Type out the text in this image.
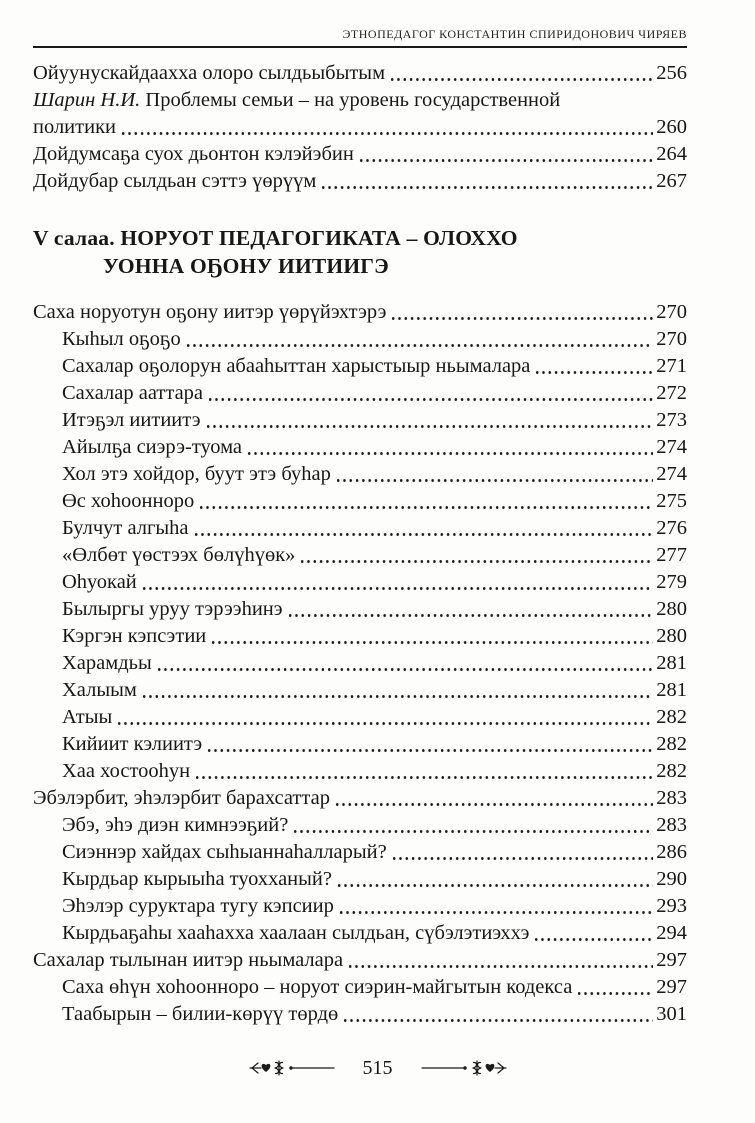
ЭТНОПЕДАГОГ КОНСТАНТИН СПИРИДОНОВИЧ ЧИРЯЕВ
Ойуунускайдаахха олоро сылдьыбытым	256
Шарин Н.И. Проблемы семьи – на уровень государственной
политики	260
Дойдумсаҕа суох дьонтон кэлэйэбин	264
Дойдубар сылдьан сэттэ үөрүүм	267
V салаа. НОРУОТ ПЕДАГОГИКАТА – ОЛОХХО
УОННА ОҔОНУ ИИТИИГЭ
Саха норуотун оҕону иитэр үөрүйэхтэрэ	270
Кыһыл оҕоҕо	270
Сахалар оҕолорун абааһыттан харыстыыр ньымалара	271
Сахалар ааттара	272
Итэҕэл иитиитэ	273
Айылҕа сиэрэ-туома	274
Хол этэ хойдор, буут этэ буһар	274
Өс хоһоонноро	275
Булчут алгыһа	276
«Өлбөт үөстээх бөлүһүөк»	277
Оһуокай	279
Былыргы уруу тэрээһинэ	280
Кэргэн кэпсэтии	280
Харамдьы	281
Халыым	281
Атыы	282
Кийиит кэлиитэ	282
Хаа хостооһун	282
Эбэлэрбит, эһэлэрбит барахсаттар	283
Эбэ, эһэ диэн кимнээҕий?	283
Сиэннэр хайдах сыһыаннаһалларый?	286
Кырдьар кырыыһа туохханый?	290
Эһэлэр суруктара тугу кэпсиир	293
Кырдьаҕаһы хааһахха хаалаан сылдьан, сүбэлэтиэххэ	294
Сахалар тылынан иитэр ньымалара	297
Саха өһүн хоһоонноро – норуот сиэрин-майгытын кодекса	297
Таабырын – билии-көрүү төрдө	301
515
